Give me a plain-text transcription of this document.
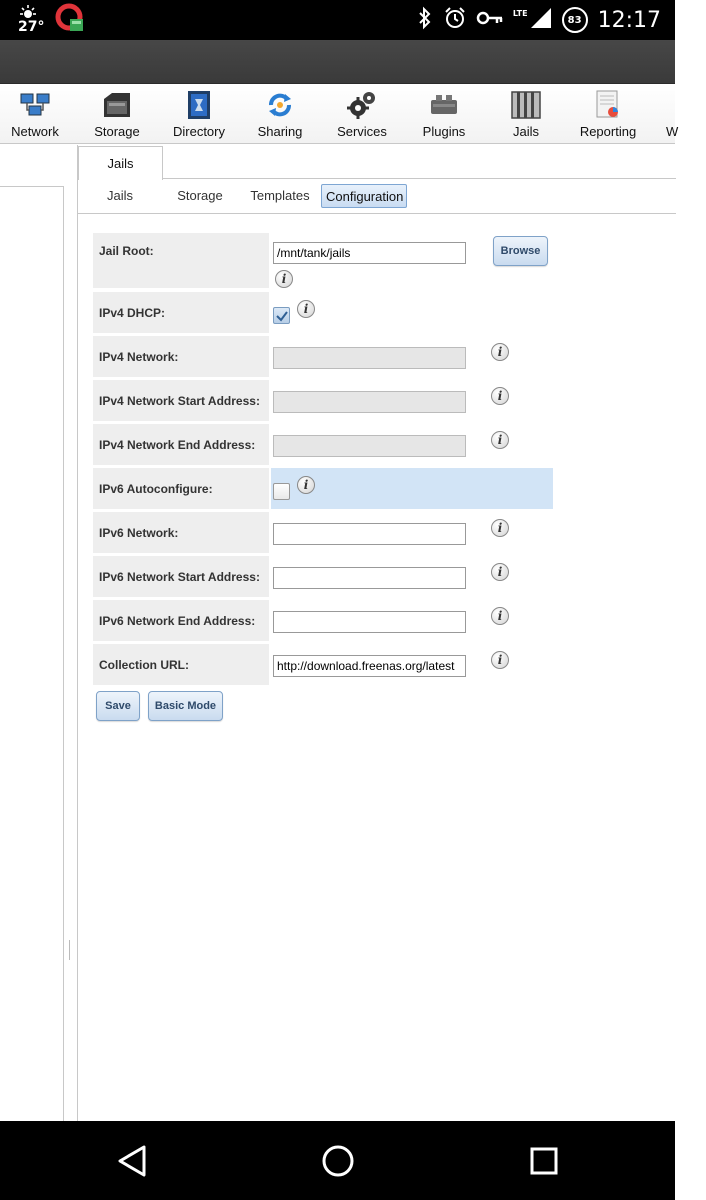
27°
LTE
83 12:17
Network	Storage	Directory	Sharing	Services	Plugins	Jails	Reporting	W
Jails
Jails	Storage Templates	Configuration
Jail Root:	/mnt/tank/jails
i
Browse
IPv4 DHCP:	i
IPv4 Network:	i
IPv4 Network Start Address:	i
IPv4 Network End Address:	i
IPv6 Autoconfigure:	i
IPv6 Network:	i
IPv6 Network Start Address:	i
IPv6 Network End Address:	i
Collection URL:	http://download.freenas.org/latest	i
Save	Basic Mode
